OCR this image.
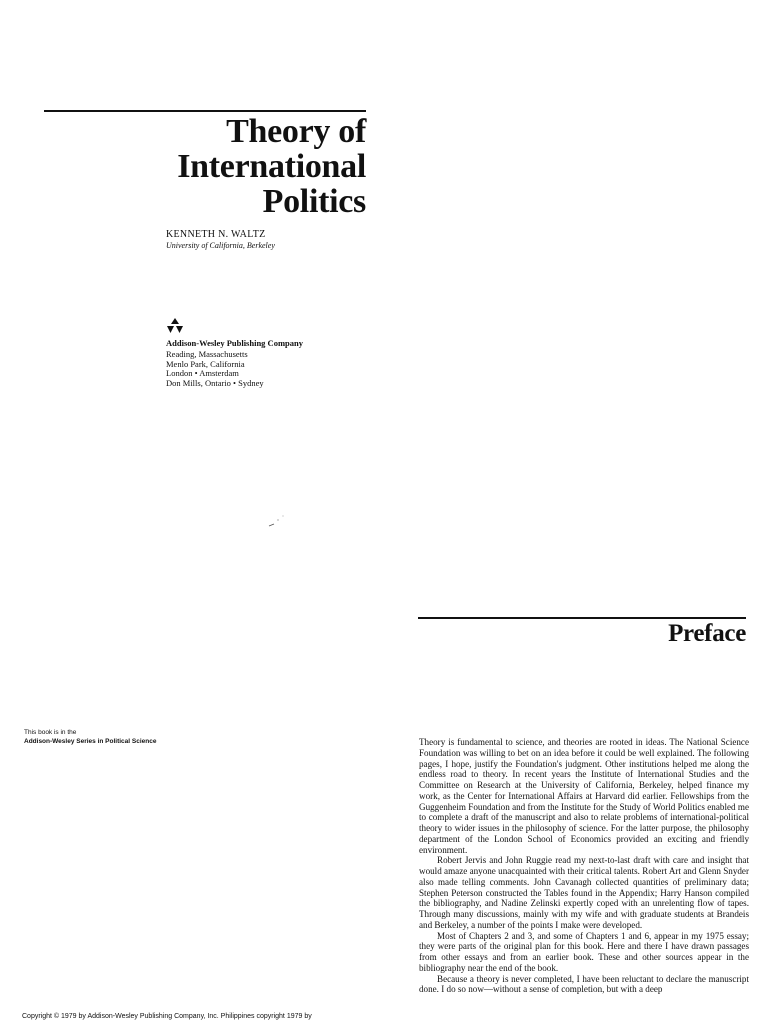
Theory of
International
Politics
KENNETH N. WALTZ
University of California, Berkeley
Addison-Wesley Publishing Company
Reading, Massachusetts
Menlo Park, California
London • Amsterdam
Don Mills, Ontario • Sydney
This book is in the
Addison-Wesley Series in Political Science
Copyright © 1979 by Addison-Wesley Publishing Company, Inc. Philippines copyright 1979 by
Preface

Theory is fundamental to science, and theories are rooted in ideas. The National Science Foundation was willing to bet on an idea before it could be well explained. The following pages, I hope, justify the Foundation's judgment. Other institutions helped me along the endless road to theory. In recent years the Institute of International Studies and the Committee on Research at the University of California, Berkeley, helped finance my work, as the Center for International Affairs at Harvard did earlier. Fellowships from the Guggenheim Foundation and from the Institute for the Study of World Politics enabled me to complete a draft of the manuscript and also to relate problems of international-political theory to wider issues in the philosophy of science. For the latter purpose, the philosophy department of the London School of Economics provided an exciting and friendly environment.

Robert Jervis and John Ruggie read my next-to-last draft with care and insight that would amaze anyone unacquainted with their critical talents. Robert Art and Glenn Snyder also made telling comments. John Cavanagh collected quantities of preliminary data; Stephen Peterson constructed the Tables found in the Appendix; Harry Hanson compiled the bibliography, and Nadine Zelinski expertly coped with an unrelenting flow of tapes. Through many discussions, mainly with my wife and with graduate students at Brandeis and Berkeley, a number of the points I make were developed.

Most of Chapters 2 and 3, and some of Chapters 1 and 6, appear in my 1975 essay; they were parts of the original plan for this book. Here and there I have drawn passages from other essays and from an earlier book. These and other sources appear in the bibliography near the end of the book.

Because a theory is never completed, I have been reluctant to declare the manuscript done. I do so now—without a sense of completion, but with a deep
